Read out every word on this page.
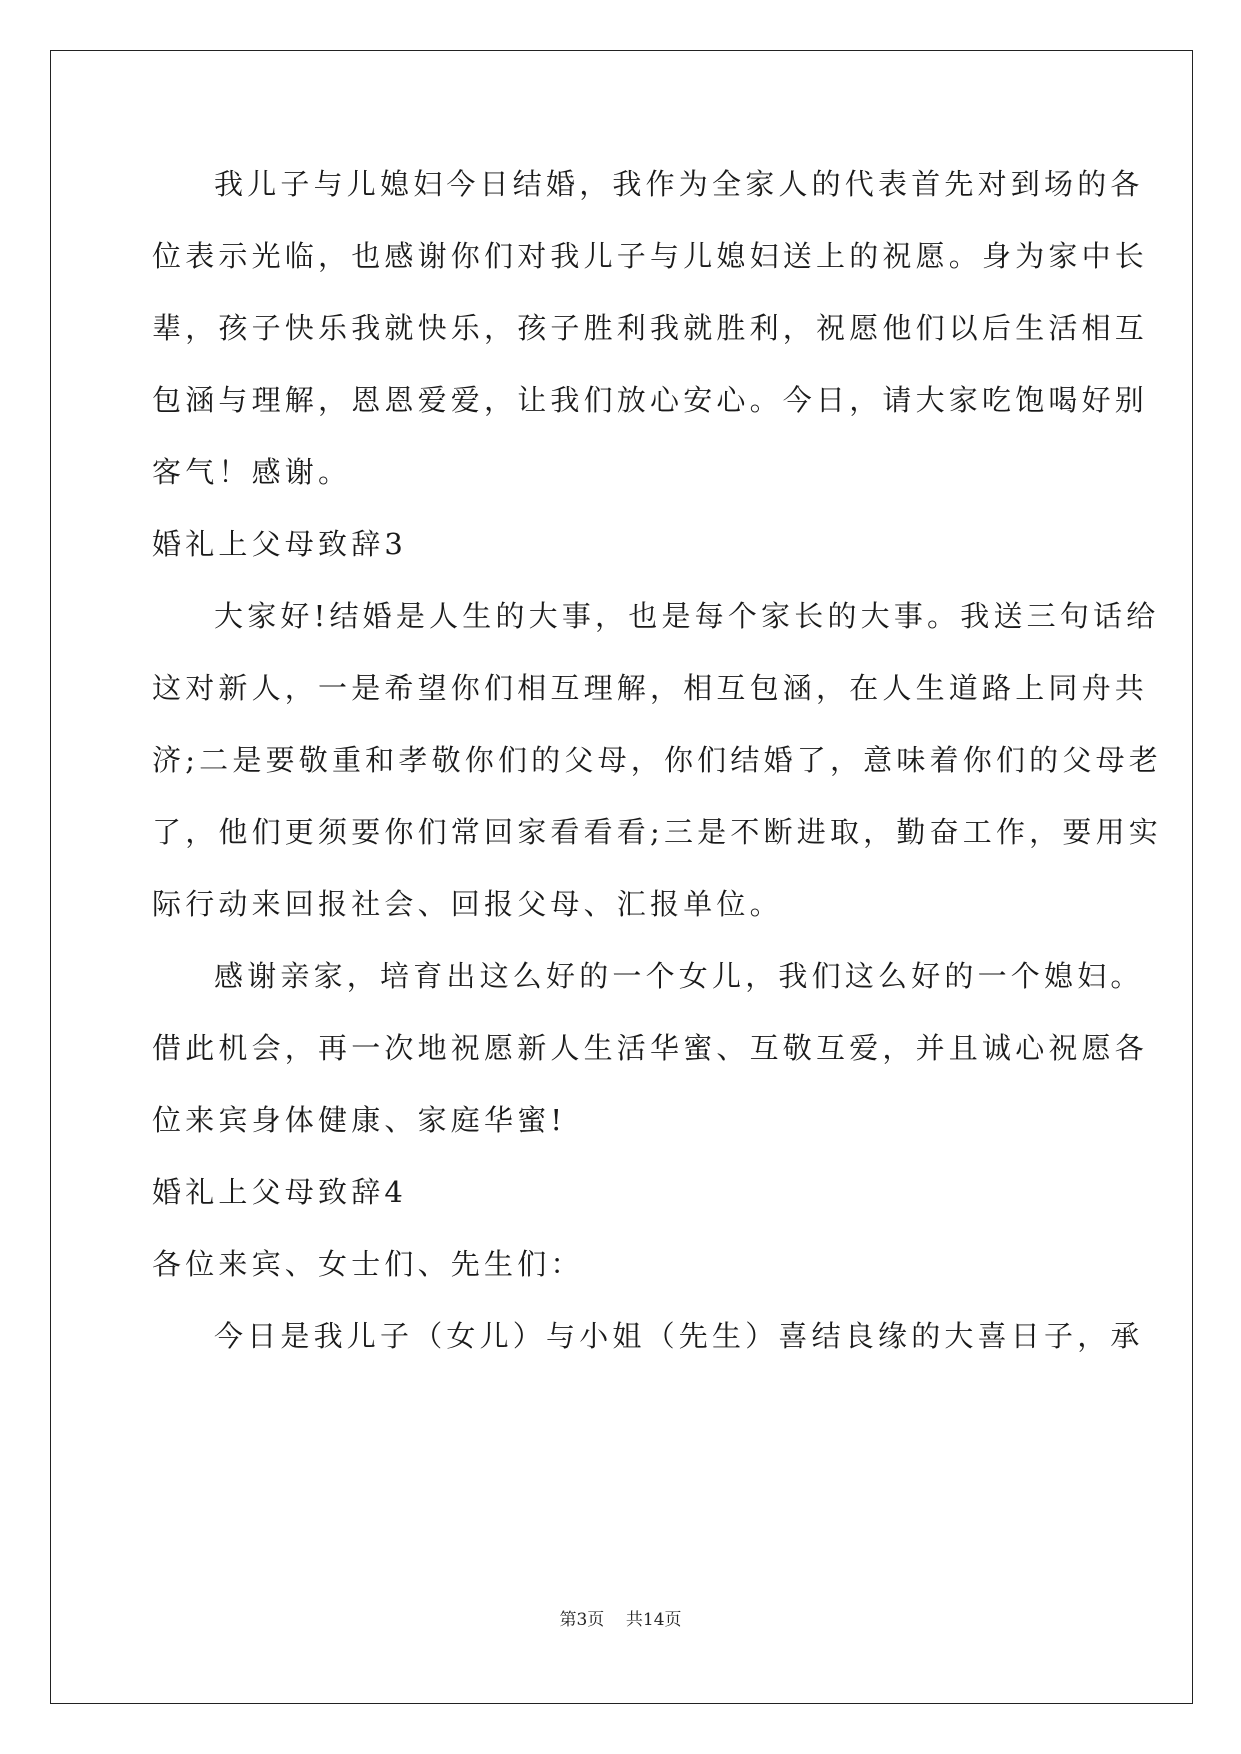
我儿子与儿媳妇今日结婚，我作为全家人的代表首先对到场的各
位表示光临，也感谢你们对我儿子与儿媳妇送上的祝愿。身为家中长
辈，孩子快乐我就快乐，孩子胜利我就胜利，祝愿他们以后生活相互
包涵与理解，恩恩爱爱，让我们放心安心。今日，请大家吃饱喝好别
客气！感谢。
婚礼上父母致辞3
大家好!结婚是人生的大事，也是每个家长的大事。我送三句话给
这对新人，一是希望你们相互理解，相互包涵，在人生道路上同舟共
济;二是要敬重和孝敬你们的父母，你们结婚了，意味着你们的父母老
了，他们更须要你们常回家看看看;三是不断进取，勤奋工作，要用实
际行动来回报社会、回报父母、汇报单位。
感谢亲家，培育出这么好的一个女儿，我们这么好的一个媳妇。
借此机会，再一次地祝愿新人生活华蜜、互敬互爱，并且诚心祝愿各
位来宾身体健康、家庭华蜜!
婚礼上父母致辞4
各位来宾、女士们、先生们：
今日是我儿子（女儿）与小姐（先生）喜结良缘的大喜日子，承
第3页    共14页
